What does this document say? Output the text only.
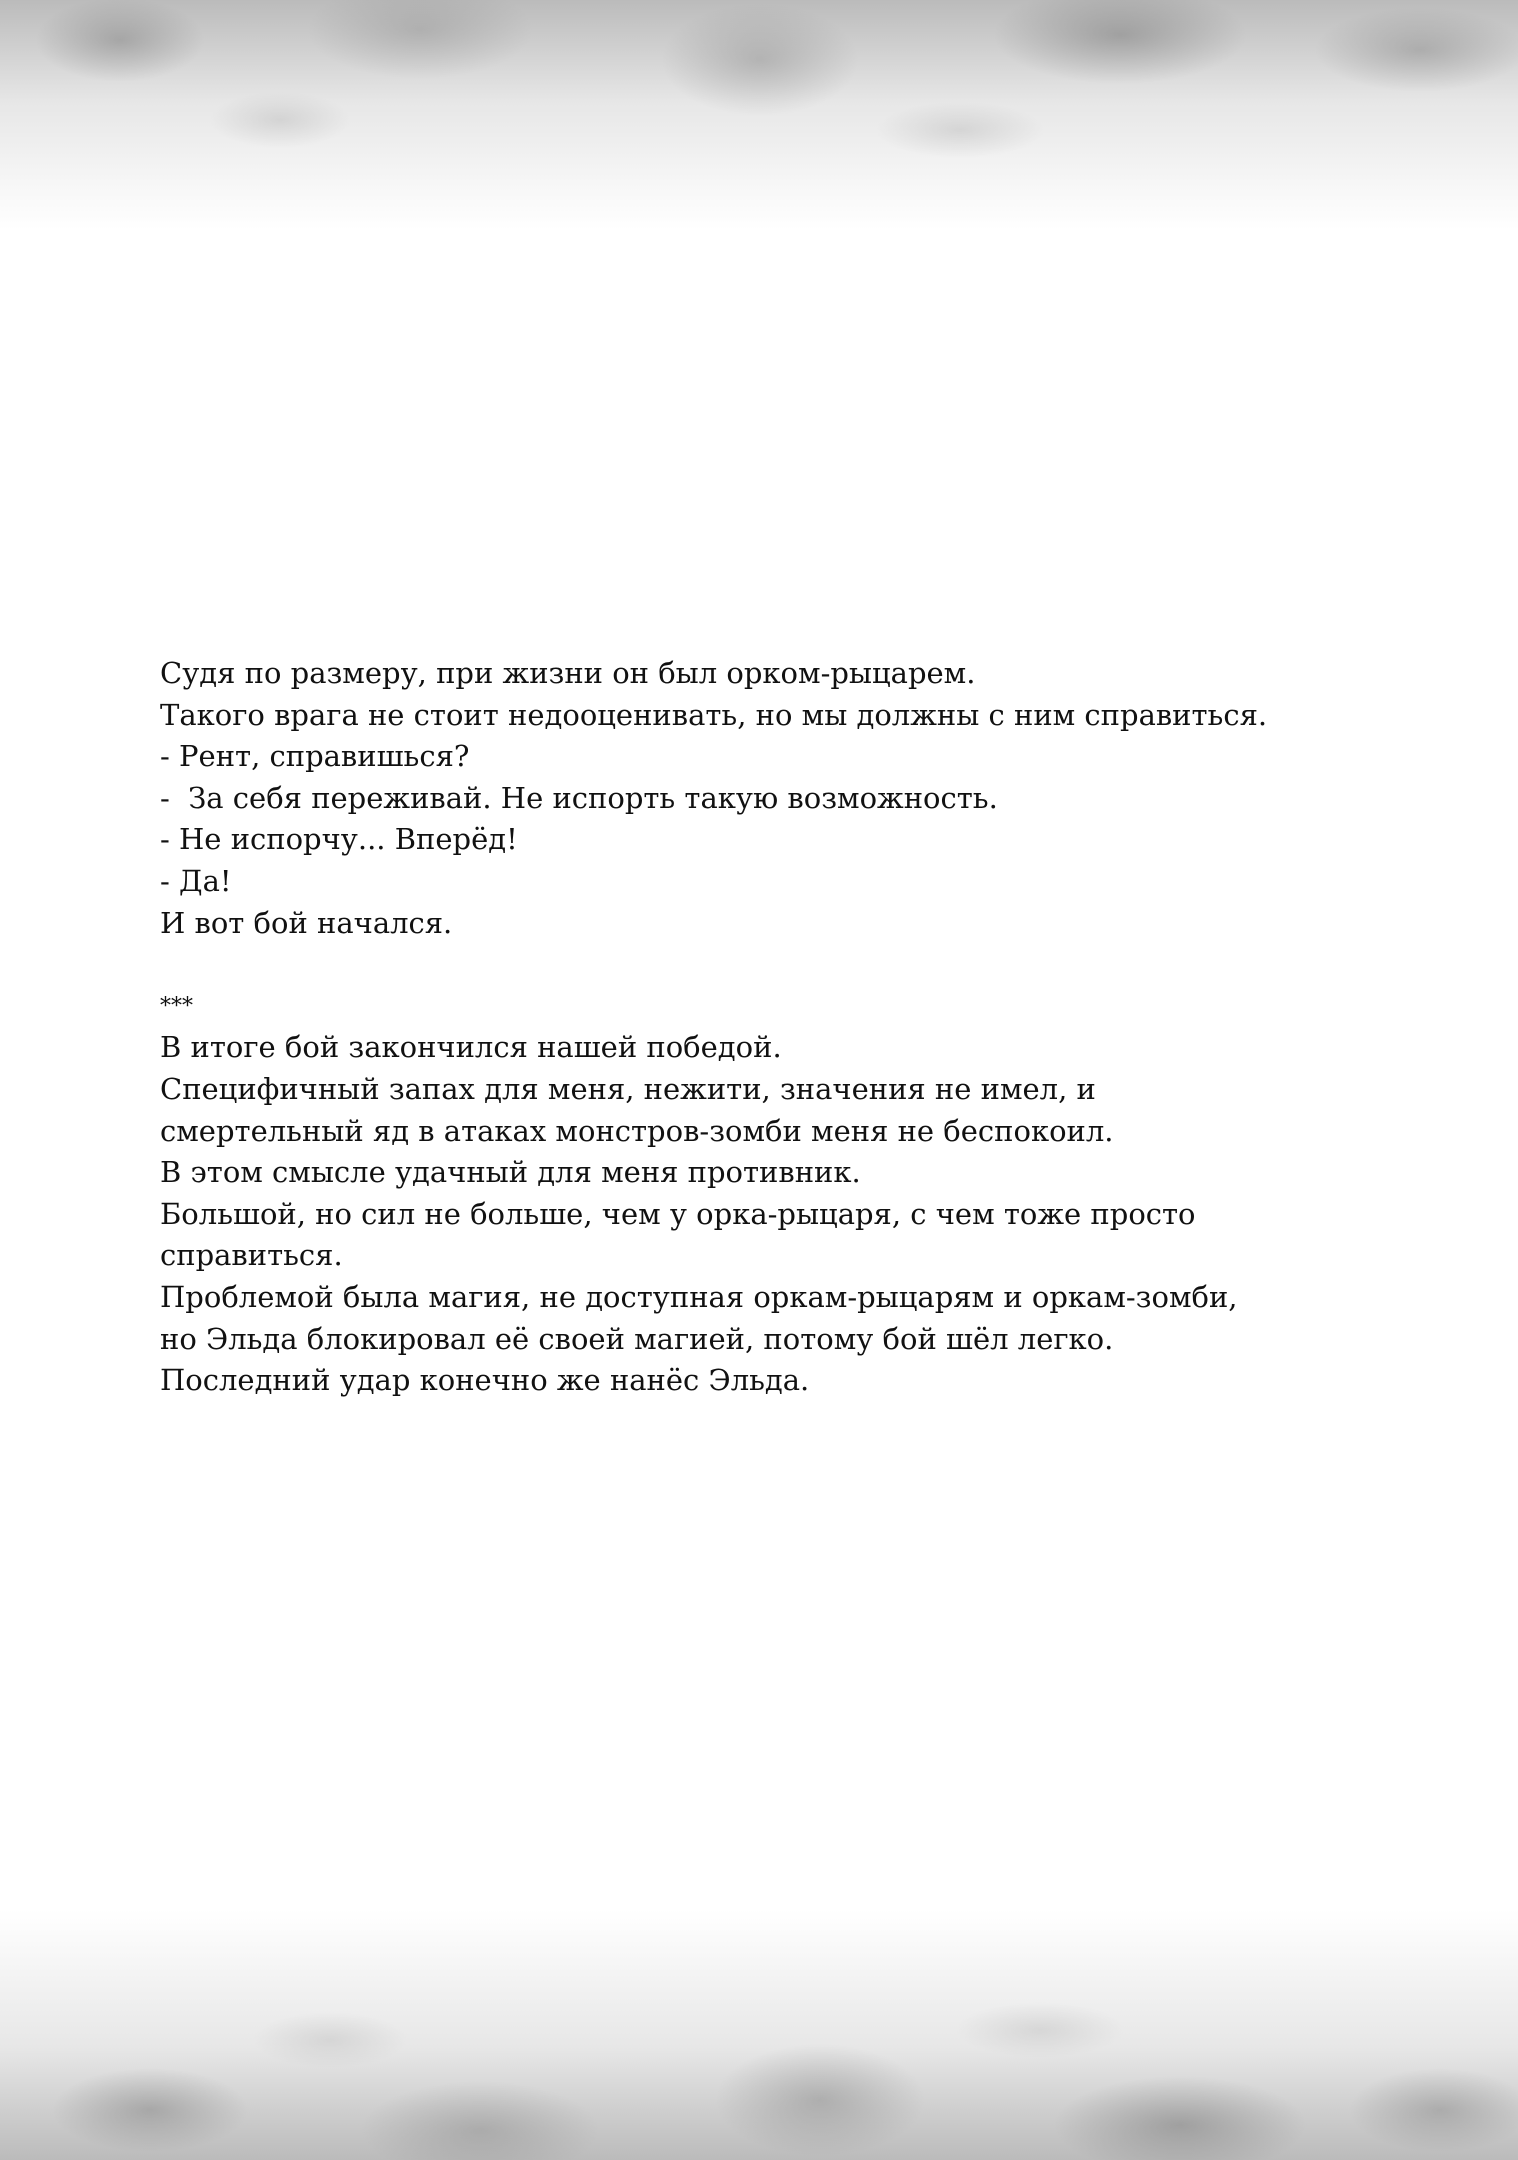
Судя по размеру, при жизни он был орком-рыцарем.
Такого врага не стоит недооценивать, но мы должны с ним справиться.
- Рент, справишься?
-  За себя переживай. Не испорть такую возможность.
- Не испорчу... Вперёд!
- Да!
И вот бой начался.
***
В итоге бой закончился нашей победой.
Специфичный запах для меня, нежити, значения не имел, и
смертельный яд в атаках монстров-зомби меня не беспокоил.
В этом смысле удачный для меня противник.
Большой, но сил не больше, чем у орка-рыцаря, с чем тоже просто
справиться.
Проблемой была магия, не доступная оркам-рыцарям и оркам-зомби,
но Эльда блокировал её своей магией, потому бой шёл легко.
Последний удар конечно же нанёс Эльда.
